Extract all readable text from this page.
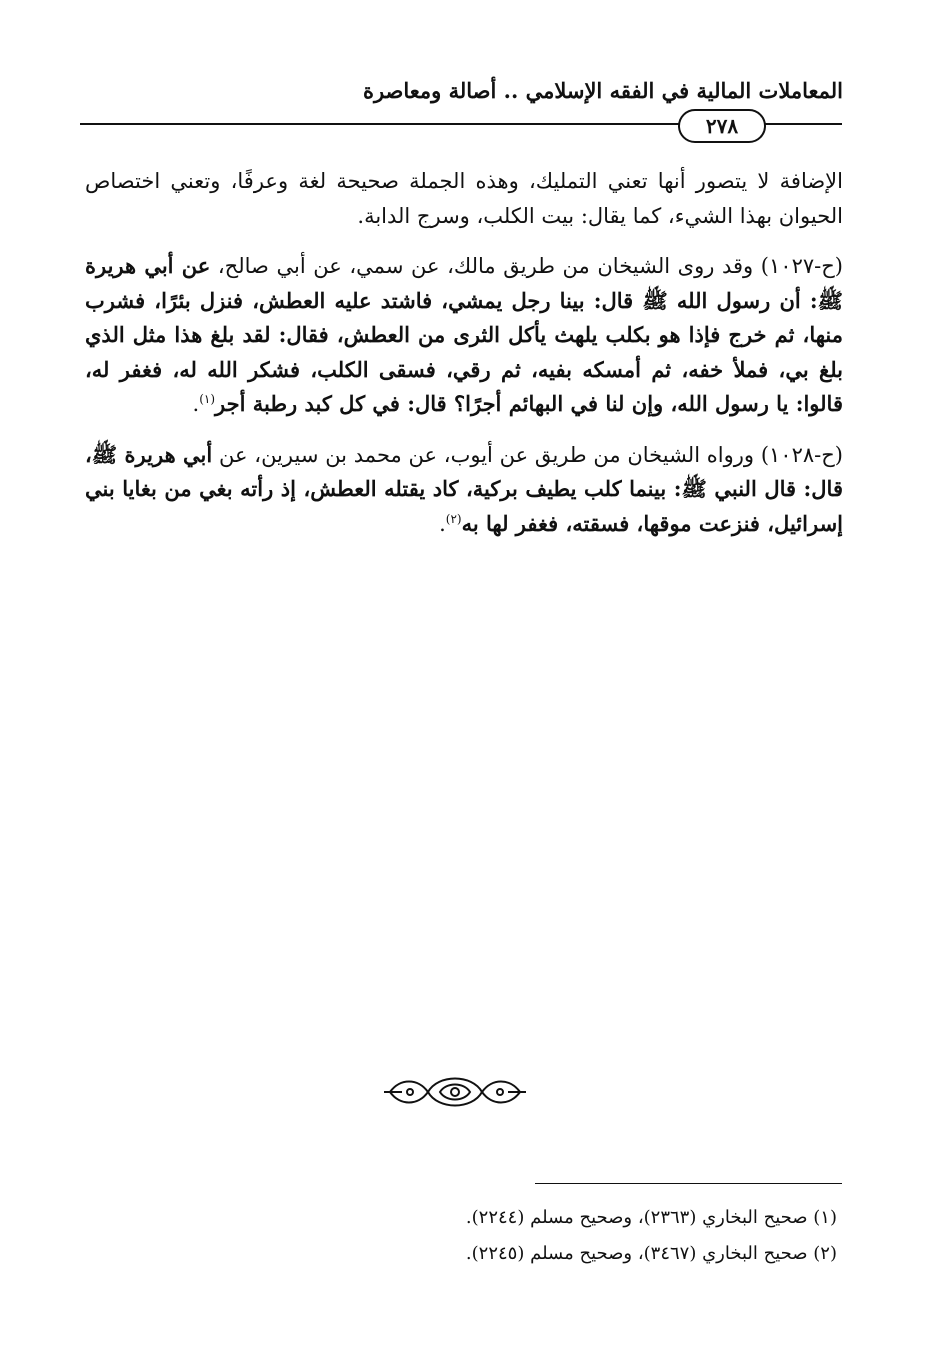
المعاملات المالية في الفقه الإسلامي .. أصالة ومعاصرة
٢٧٨

الإضافة لا يتصور أنها تعني التمليك، وهذه الجملة صحيحة لغة وعرفًا، وتعني اختصاص الحيوان بهذا الشيء، كما يقال: بيت الكلب، وسرج الدابة.

(ح-١٠٢٧) وقد روى الشيخان من طريق مالك، عن سمي، عن أبي صالح، عن أبي هريرة ﷺ: أن رسول الله ﷺ قال: بينا رجل يمشي، فاشتد عليه العطش، فنزل بئرًا، فشرب منها، ثم خرج فإذا هو بكلب يلهث يأكل الثرى من العطش، فقال: لقد بلغ هذا مثل الذي بلغ بي، فملأ خفه، ثم أمسكه بفيه، ثم رقي، فسقى الكلب، فشكر الله له، فغفر له، قالوا: يا رسول الله، وإن لنا في البهائم أجرًا؟ قال: في كل كبد رطبة أجر$^{(١)}$.

(ح-١٠٢٨) ورواه الشيخان من طريق عن أيوب، عن محمد بن سيرين، عن أبي هريرة ﷺ، قال: قال النبي ﷺ: بينما كلب يطيف بركية، كاد يقتله العطش، إذ رأته بغي من بغايا بني إسرائيل، فنزعت موقها، فسقته، فغفر لها به$^{(٢)}$.

(١) صحيح البخاري (٢٣٦٣)، وصحيح مسلم (٢٢٤٤).

(٢) صحيح البخاري (٣٤٦٧)، وصحيح مسلم (٢٢٤٥).
